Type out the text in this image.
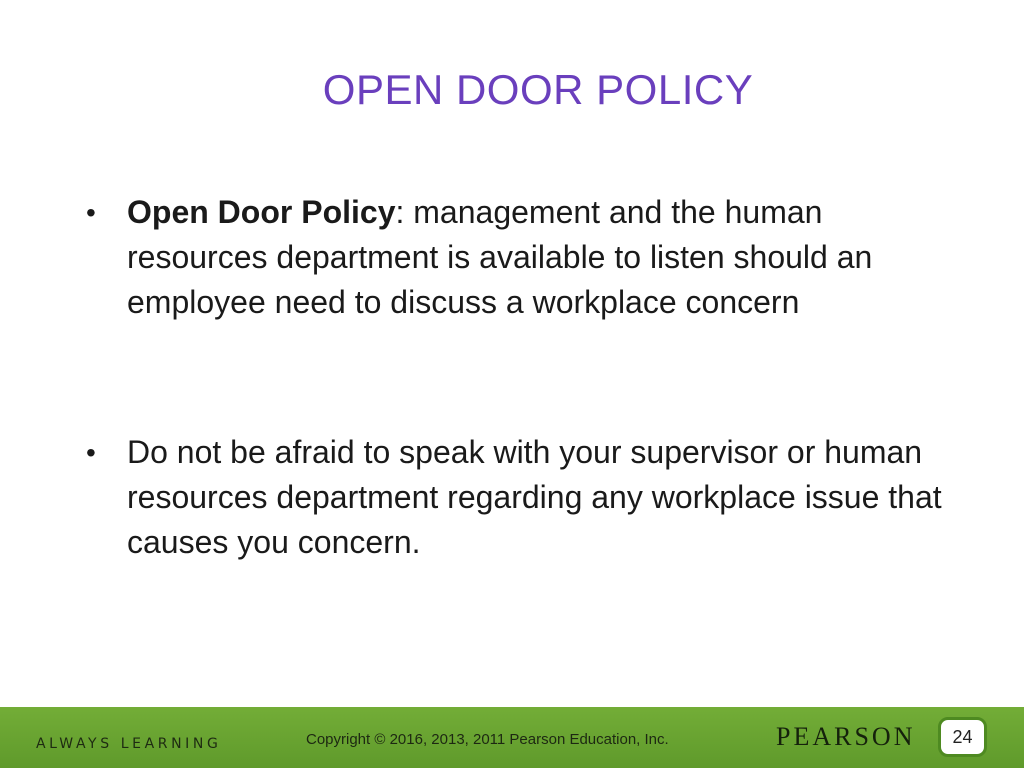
OPEN DOOR POLICY
• Open Door Policy: management and the human resources department is available to listen should an employee need to discuss a workplace concern
• Do not be afraid to speak with your supervisor or human resources department regarding any workplace issue that causes you concern.
ALWAYS LEARNING	Copyright © 2016, 2013, 2011 Pearson Education, Inc.	PEARSON	24
